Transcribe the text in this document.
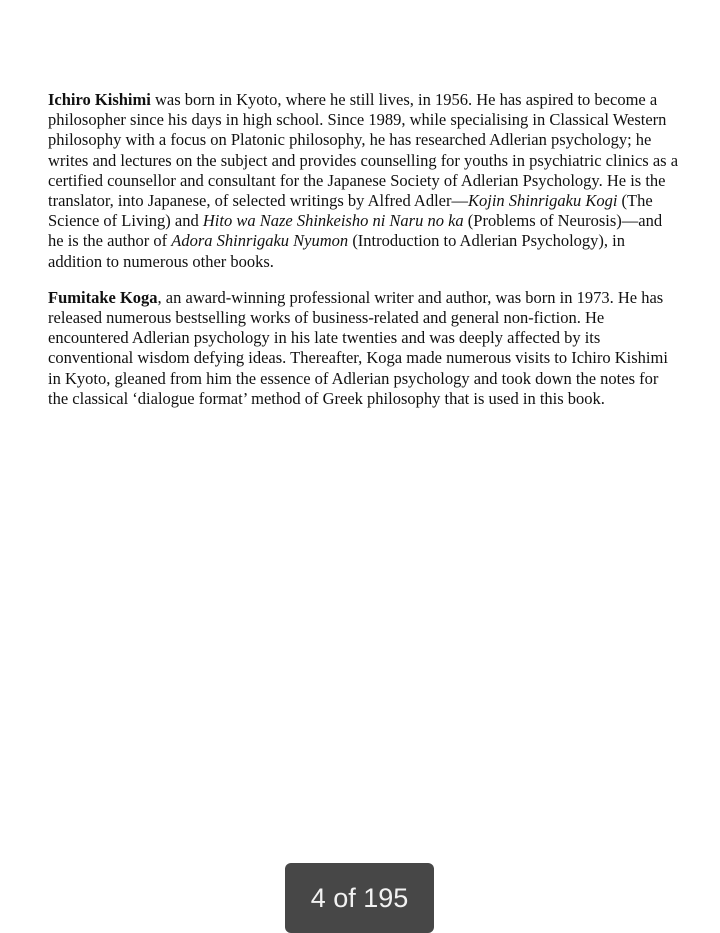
Ichiro Kishimi was born in Kyoto, where he still lives, in 1956. He has aspired to become a philosopher since his days in high school. Since 1989, while specialising in Classical Western philosophy with a focus on Platonic philosophy, he has researched Adlerian psychology; he writes and lectures on the subject and provides counselling for youths in psychiatric clinics as a certified counsellor and consultant for the Japanese Society of Adlerian Psychology. He is the translator, into Japanese, of selected writings by Alfred Adler—Kojin Shinrigaku Kogi (The Science of Living) and Hito wa Naze Shinkeisho ni Naru no ka (Problems of Neurosis)—and he is the author of Adora Shinrigaku Nyumon (Introduction to Adlerian Psychology), in addition to numerous other books.

Fumitake Koga, an award-winning professional writer and author, was born in 1973. He has released numerous bestselling works of business-related and general non-fiction. He encountered Adlerian psychology in his late twenties and was deeply affected by its conventional wisdom defying ideas. Thereafter, Koga made numerous visits to Ichiro Kishimi in Kyoto, gleaned from him the essence of Adlerian psychology and took down the notes for the classical ‘dialogue format’ method of Greek philosophy that is used in this book.

4 of 195
